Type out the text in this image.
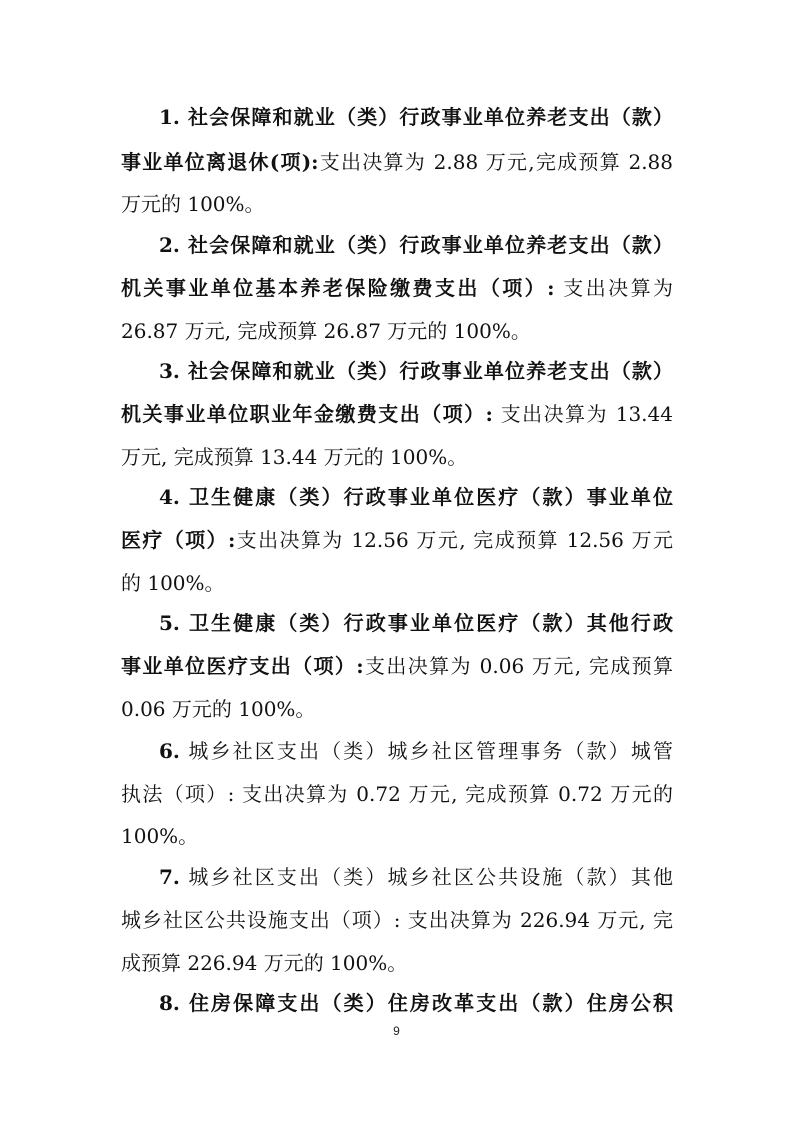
1. 社会保障和就业（类）行政事业单位养老支出（款）
事业单位离退休(项):支出决算为 2.88 万元,完成预算 2.88
万元的 100%。
2. 社会保障和就业（类）行政事业单位养老支出（款）
机关事业单位基本养老保险缴费支出（项）: 支出决算为
26.87 万元, 完成预算 26.87 万元的 100%。
3. 社会保障和就业（类）行政事业单位养老支出（款）
机关事业单位职业年金缴费支出（项）: 支出决算为 13.44
万元, 完成预算 13.44 万元的 100%。
4. 卫生健康（类）行政事业单位医疗（款）事业单位
医疗（项）:支出决算为 12.56 万元, 完成预算 12.56 万元
的 100%。
5. 卫生健康（类）行政事业单位医疗（款）其他行政
事业单位医疗支出（项）:支出决算为 0.06 万元, 完成预算
0.06 万元的 100%。
6. 城乡社区支出（类）城乡社区管理事务（款）城管
执法（项）: 支出决算为 0.72 万元, 完成预算 0.72 万元的
100%。
7. 城乡社区支出（类）城乡社区公共设施（款）其他
城乡社区公共设施支出（项）: 支出决算为 226.94 万元, 完
成预算 226.94 万元的 100%。
8. 住房保障支出（类）住房改革支出（款）住房公积
9
